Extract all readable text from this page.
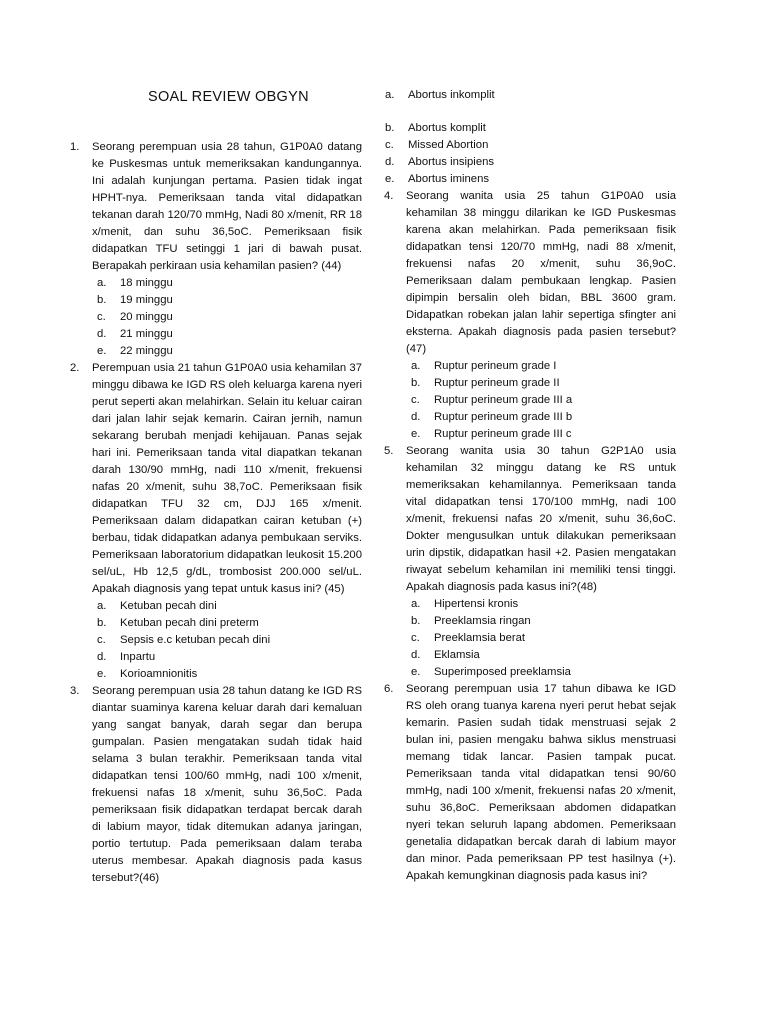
SOAL REVIEW OBGYN
1. Seorang perempuan usia 28 tahun, G1P0A0 datang ke Puskesmas untuk memeriksakan kandungannya. Ini adalah kunjungan pertama. Pasien tidak ingat HPHT-nya. Pemeriksaan tanda vital didapatkan tekanan darah 120/70 mmHg, Nadi 80 x/menit, RR 18 x/menit, dan suhu 36,5oC. Pemeriksaan fisik didapatkan TFU setinggi 1 jari di bawah pusat. Berapakah perkiraan usia kehamilan pasien? (44)

a. 18 minggu
b. 19 minggu
c. 20 minggu
d. 21 minggu
e. 22 minggu
2. Perempuan usia 21 tahun G1P0A0 usia kehamilan 37 minggu dibawa ke IGD RS oleh keluarga karena nyeri perut seperti akan melahirkan. Selain itu keluar cairan dari jalan lahir sejak kemarin. Cairan jernih, namun sekarang berubah menjadi kehijauan. Panas sejak hari ini. Pemeriksaan tanda vital diapatkan tekanan darah 130/90 mmHg, nadi 110 x/menit, frekuensi nafas 20 x/menit, suhu 38,7oC. Pemeriksaan fisik didapatkan TFU 32 cm, DJJ 165 x/menit. Pemeriksaan dalam didapatkan cairan ketuban (+) berbau, tidak didapatkan adanya pembukaan serviks. Pemeriksaan laboratorium didapatkan leukosit 15.200 sel/uL, Hb 12,5 g/dL, trombosist 200.000 sel/uL. Apakah diagnosis yang tepat untuk kasus ini? (45)

a. Ketuban pecah dini
b. Ketuban pecah dini preterm
c. Sepsis e.c ketuban pecah dini
d. Inpartu
e. Korioamnionitis
3. Seorang perempuan usia 28 tahun datang ke IGD RS diantar suaminya karena keluar darah dari kemaluan yang sangat banyak, darah segar dan berupa gumpalan. Pasien mengatakan sudah tidak haid selama 3 bulan terakhir. Pemeriksaan tanda vital didapatkan tensi 100/60 mmHg, nadi 100 x/menit, frekuensi nafas 18 x/menit, suhu 36,5oC. Pada pemeriksaan fisik didapatkan terdapat bercak darah di labium mayor, tidak ditemukan adanya jaringan, portio tertutup. Pada pemeriksaan dalam teraba uterus membesar. Apakah diagnosis pada kasus tersebut?(46)

a. Abortus inkomplit
b. Abortus komplit
c. Missed Abortion
d. Abortus insipiens
e. Abortus iminens
4. Seorang wanita usia 25 tahun G1P0A0 usia kehamilan 38 minggu dilarikan ke IGD Puskesmas karena akan melahirkan. Pada pemeriksaan fisik didapatkan tensi 120/70 mmHg, nadi 88 x/menit, frekuensi nafas 20 x/menit, suhu 36,9oC. Pemeriksaan dalam pembukaan lengkap. Pasien dipimpin bersalin oleh bidan, BBL 3600 gram. Didapatkan robekan jalan lahir sepertiga sfingter ani eksterna. Apakah diagnosis pada pasien tersebut? (47)

a. Ruptur perineum grade I
b. Ruptur perineum grade II
c. Ruptur perineum grade III a
d. Ruptur perineum grade III b
e. Ruptur perineum grade III c
5. Seorang wanita usia 30 tahun G2P1A0 usia kehamilan 32 minggu datang ke RS untuk memeriksakan kehamilannya. Pemeriksaan tanda vital didapatkan tensi 170/100 mmHg, nadi 100 x/menit, frekuensi nafas 20 x/menit, suhu 36,6oC. Dokter mengusulkan untuk dilakukan pemeriksaan urin dipstik, didapatkan hasil +2. Pasien mengatakan riwayat sebelum kehamilan ini memiliki tensi tinggi. Apakah diagnosis pada kasus ini?(48)

a. Hipertensi kronis
b. Preeklamsia ringan
c. Preeklamsia berat
d. Eklamsia
e. Superimposed preeklamsia
6. Seorang perempuan usia 17 tahun dibawa ke IGD RS oleh orang tuanya karena nyeri perut hebat sejak kemarin. Pasien sudah tidak menstruasi sejak 2 bulan ini, pasien mengaku bahwa siklus menstruasi memang tidak lancar. Pasien tampak pucat. Pemeriksaan tanda vital didapatkan tensi 90/60 mmHg, nadi 100 x/menit, frekuensi nafas 20 x/menit, suhu 36,8oC. Pemeriksaan abdomen didapatkan nyeri tekan seluruh lapang abdomen. Pemeriksaan genetalia didapatkan bercak darah di labium mayor dan minor. Pada pemeriksaan PP test hasilnya (+). Apakah kemungkinan diagnosis pada kasus ini?
